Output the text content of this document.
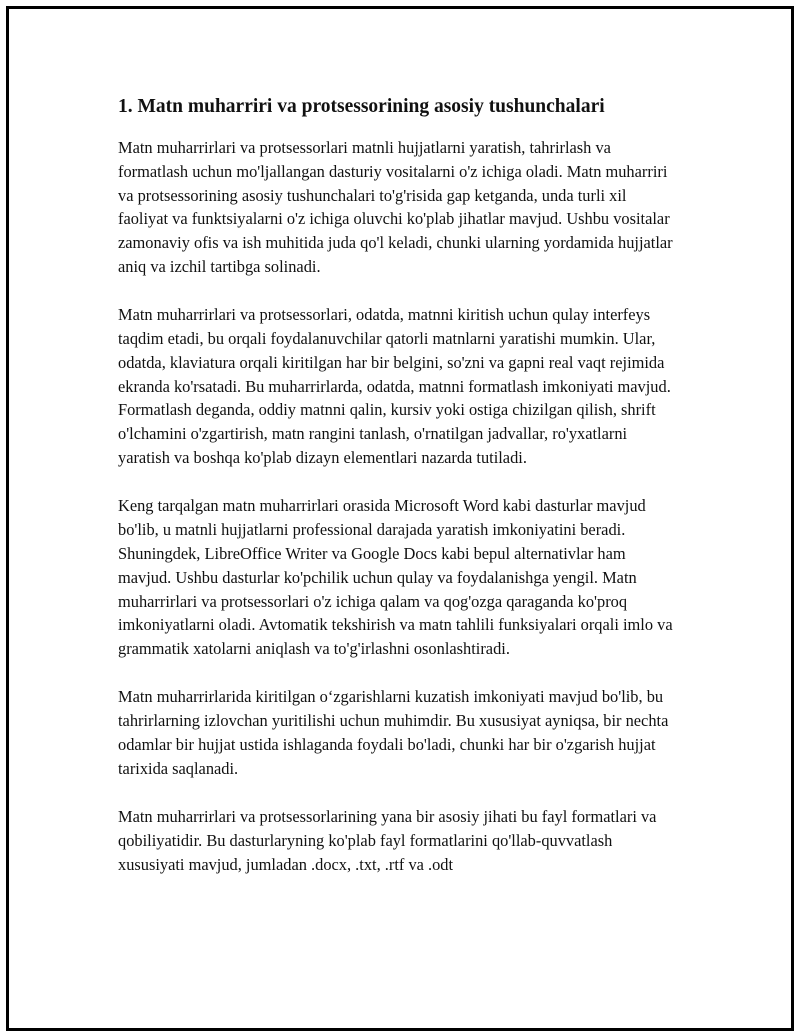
1. Matn muharriri va protsessorining asosiy tushunchalari

Matn muharrirlari va protsessorlari matnli hujjatlarni yaratish, tahrirlash va formatlash uchun mo'ljallangan dasturiy vositalarni o'z ichiga oladi. Matn muharriri va protsessorining asosiy tushunchalari to'g'risida gap ketganda, unda turli xil faoliyat va funktsiyalarni o'z ichiga oluvchi ko'plab jihatlar mavjud. Ushbu vositalar zamonaviy ofis va ish muhitida juda qo'l keladi, chunki ularning yordamida hujjatlar aniq va izchil tartibga solinadi.

Matn muharrirlari va protsessorlari, odatda, matnni kiritish uchun qulay interfeys taqdim etadi, bu orqali foydalanuvchilar qatorli matnlarni yaratishi mumkin. Ular, odatda, klaviatura orqali kiritilgan har bir belgini, so'zni va gapni real vaqt rejimida ekranda ko'rsatadi. Bu muharrirlarda, odatda, matnni formatlash imkoniyati mavjud. Formatlash deganda, oddiy matnni qalin, kursiv yoki ostiga chizilgan qilish, shrift o'lchamini o'zgartirish, matn rangini tanlash, o'rnatilgan jadvallar, ro'yxatlarni yaratish va boshqa ko'plab dizayn elementlari nazarda tutiladi.

Keng tarqalgan matn muharrirlari orasida Microsoft Word kabi dasturlar mavjud bo'lib, u matnli hujjatlarni professional darajada yaratish imkoniyatini beradi. Shuningdek, LibreOffice Writer va Google Docs kabi bepul alternativlar ham mavjud. Ushbu dasturlar ko'pchilik uchun qulay va foydalanishga yengil. Matn muharrirlari va protsessorlari o'z ichiga qalam va qog'ozga qaraganda ko'proq imkoniyatlarni oladi. Avtomatik tekshirish va matn tahlili funksiyalari orqali imlo va grammatik xatolarni aniqlash va to'g'irlashni osonlashtiradi.

Matn muharrirlarida kiritilgan o‘zgarishlarni kuzatish imkoniyati mavjud bo'lib, bu tahrirlarning izlovchan yuritilishi uchun muhimdir. Bu xususiyat ayniqsa, bir nechta odamlar bir hujjat ustida ishlaganda foydali bo'ladi, chunki har bir o'zgarish hujjat tarixida saqlanadi.

Matn muharrirlari va protsessorlarining yana bir asosiy jihati bu fayl formatlari va qobiliyatidir. Bu dasturlaryning ko'plab fayl formatlarini qo'llab-quvvatlash xususiyati mavjud, jumladan .docx, .txt, .rtf va .odt
